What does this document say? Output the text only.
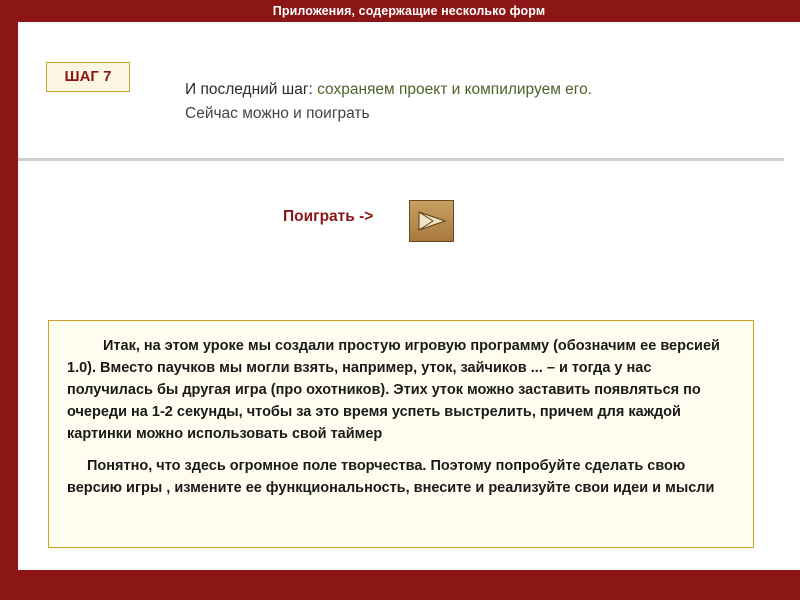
Приложения, содержащие несколько форм
ШАГ 7
И последний шаг: сохраняем проект и компилируем его.
Сейчас можно и поиграть
Поиграть ->

Итак, на этом уроке мы создали простую игровую программу (обозначим ее версией 1.0). Вместо паучков мы могли взять, например, уток, зайчиков ... – и тогда у нас получилась бы другая игра (про охотников). Этих уток можно заставить появляться по очереди на 1-2 секунды, чтобы за это время успеть выстрелить, причем для каждой картинки можно использовать свой таймер

Понятно, что здесь огромное поле творчества. Поэтому попробуйте сделать свою версию игры , измените ее функциональность, внесите и реализуйте свои идеи и мысли
